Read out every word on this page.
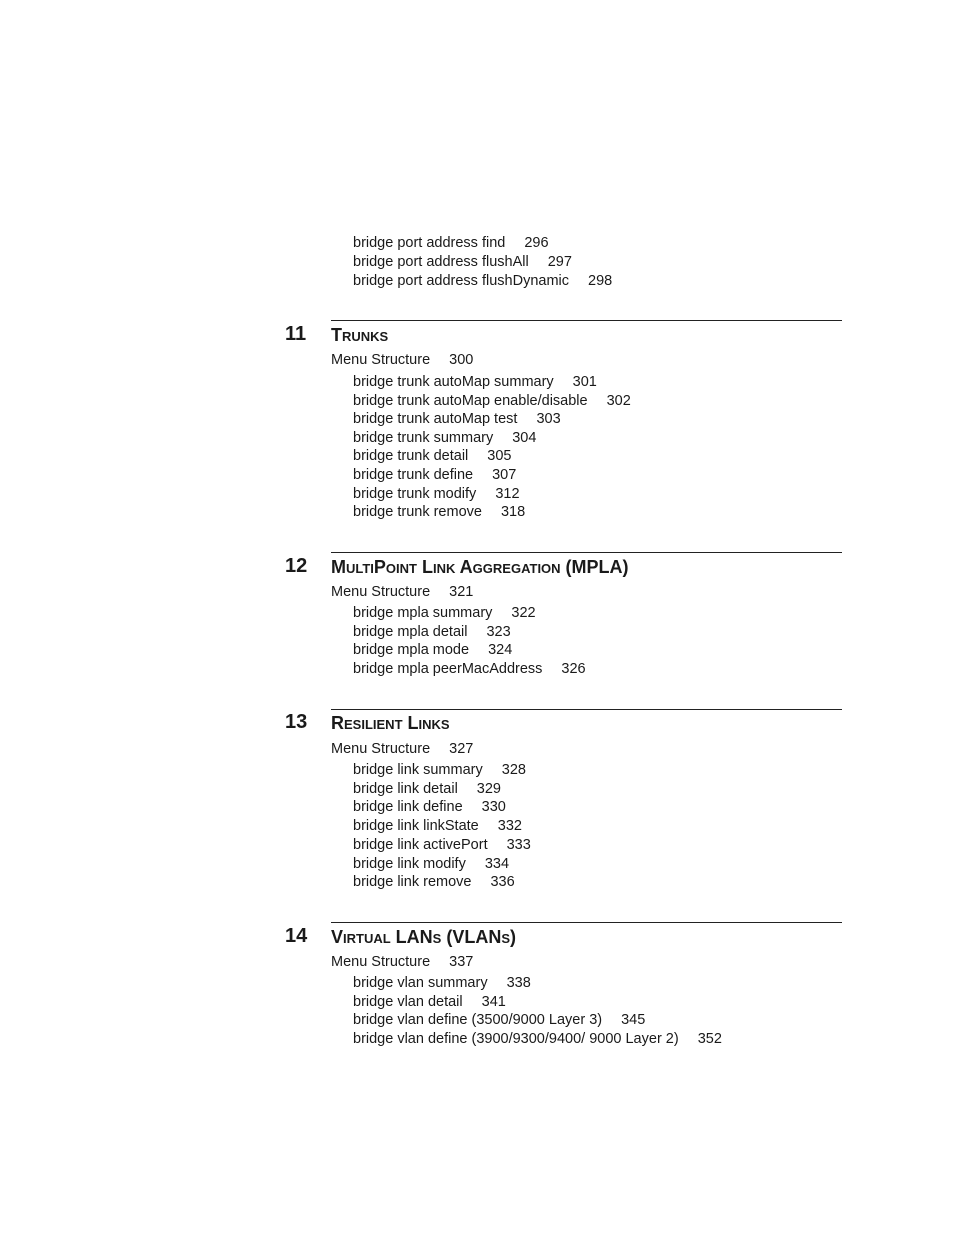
bridge port address find 296
bridge port address flushAll 297
bridge port address flushDynamic 298
11 Trunks
Menu Structure 300
bridge trunk autoMap summary 301
bridge trunk autoMap enable/disable 302
bridge trunk autoMap test 303
bridge trunk summary 304
bridge trunk detail 305
bridge trunk define 307
bridge trunk modify 312
bridge trunk remove 318
12 MultiPoint Link Aggregation (MPLA)
Menu Structure 321
bridge mpla summary 322
bridge mpla detail 323
bridge mpla mode 324
bridge mpla peerMacAddress 326
13 Resilient Links
Menu Structure 327
bridge link summary 328
bridge link detail 329
bridge link define 330
bridge link linkState 332
bridge link activePort 333
bridge link modify 334
bridge link remove 336
14 Virtual LANs (VLANs)
Menu Structure 337
bridge vlan summary 338
bridge vlan detail 341
bridge vlan define (3500/9000 Layer 3) 345
bridge vlan define (3900/9300/9400/ 9000 Layer 2) 352
